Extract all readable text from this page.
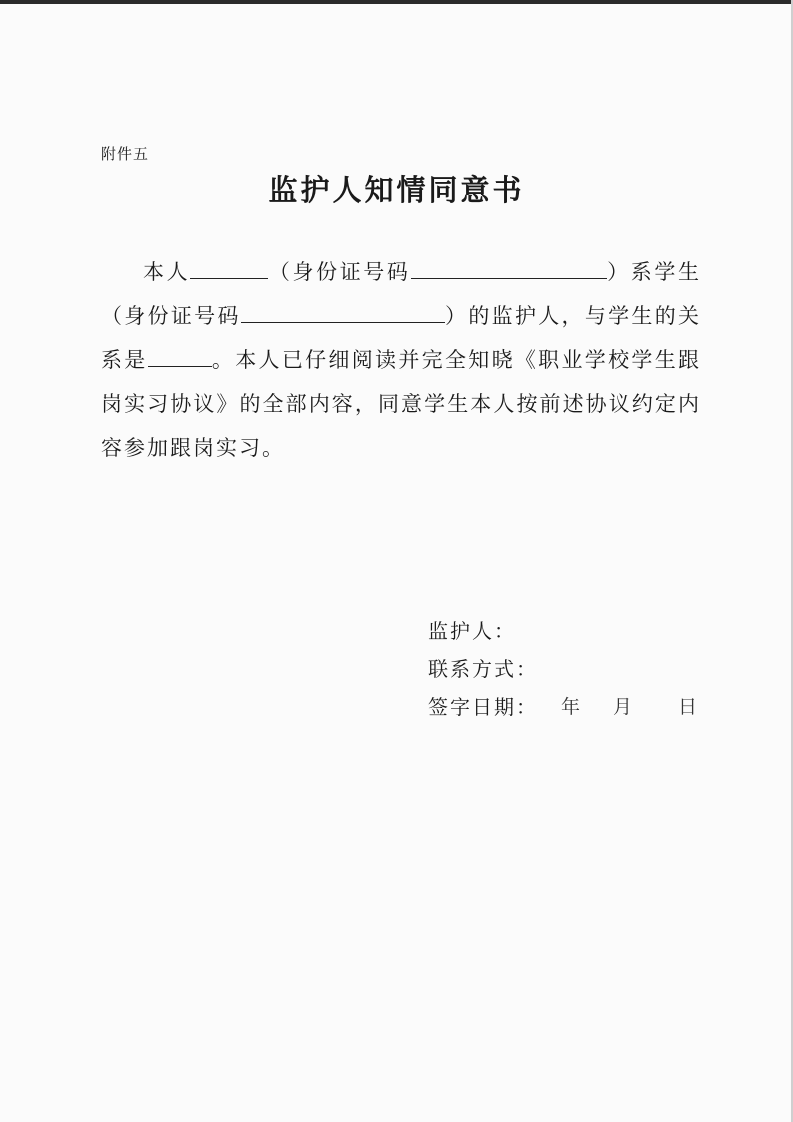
附件五
监护人知情同意书

本人	（身份证号码	）系学生（身份证号码	）的监护人，与学生的关系是	。本人已仔细阅读并完全知晓《职业学校学生跟岗实习协议》的全部内容，同意学生本人按前述协议约定内容参加跟岗实习。

监护人：
联系方式：
签字日期： 年 月 日
